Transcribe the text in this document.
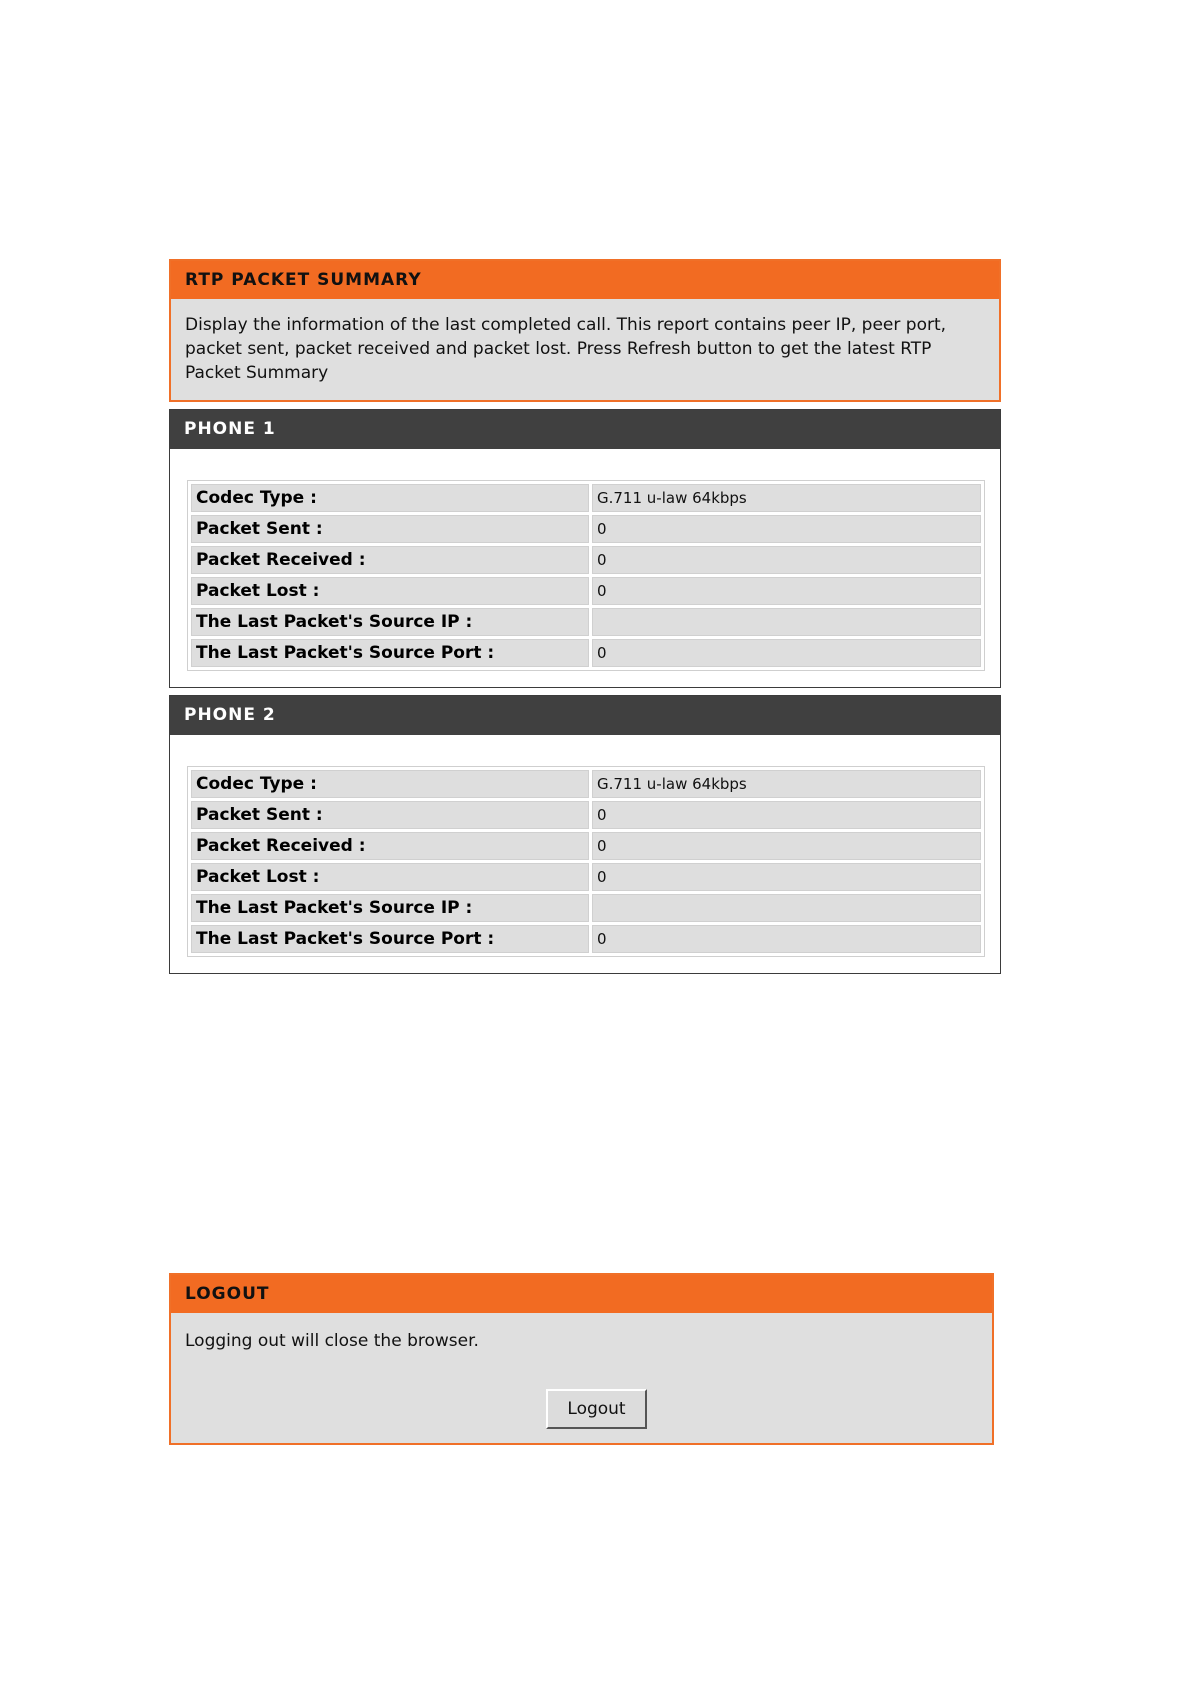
RTP PACKET SUMMARY
Display the information of the last completed call. This report contains peer IP, peer port, packet sent, packet received and packet lost. Press Refresh button to get the latest RTP Packet Summary
PHONE 1
Codec Type :	G.711 u-law 64kbps
Packet Sent :	0
Packet Received :	0
Packet Lost :	0
The Last Packet's Source IP :	
The Last Packet's Source Port :	0
PHONE 2
Codec Type :	G.711 u-law 64kbps
Packet Sent :	0
Packet Received :	0
Packet Lost :	0
The Last Packet's Source IP :	
The Last Packet's Source Port :	0
LOGOUT
Logging out will close the browser.
Logout
